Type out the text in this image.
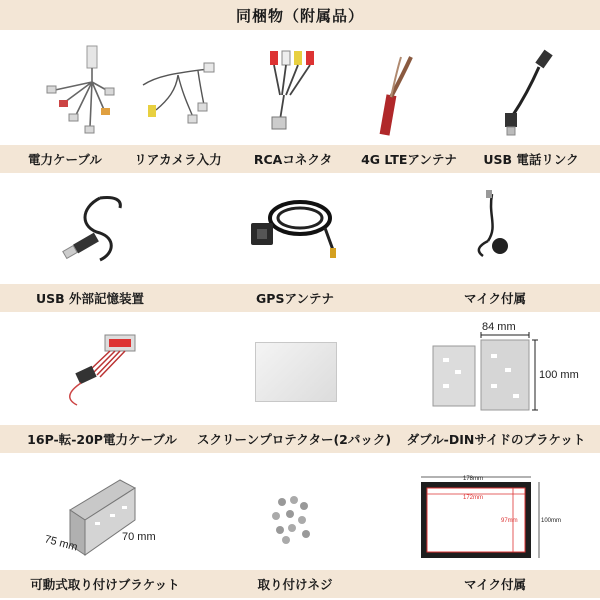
同梱物（附属品）
電力ケーブル	リアカメラ入力	RCAコネクタ	4G LTEアンテナ	USB 電話リンク
USB 外部記憶装置	GPSアンテナ	マイク付属
84 mm
100 mm
16P-転-20P電力ケーブル	スクリーンプロテクター(2パック)	ダブル-DINサイドのブラケット
75 mm	70 mm
178mm
172mm
97mm	100mm
可動式取り付けブラケット	取り付けネジ	マイク付属
